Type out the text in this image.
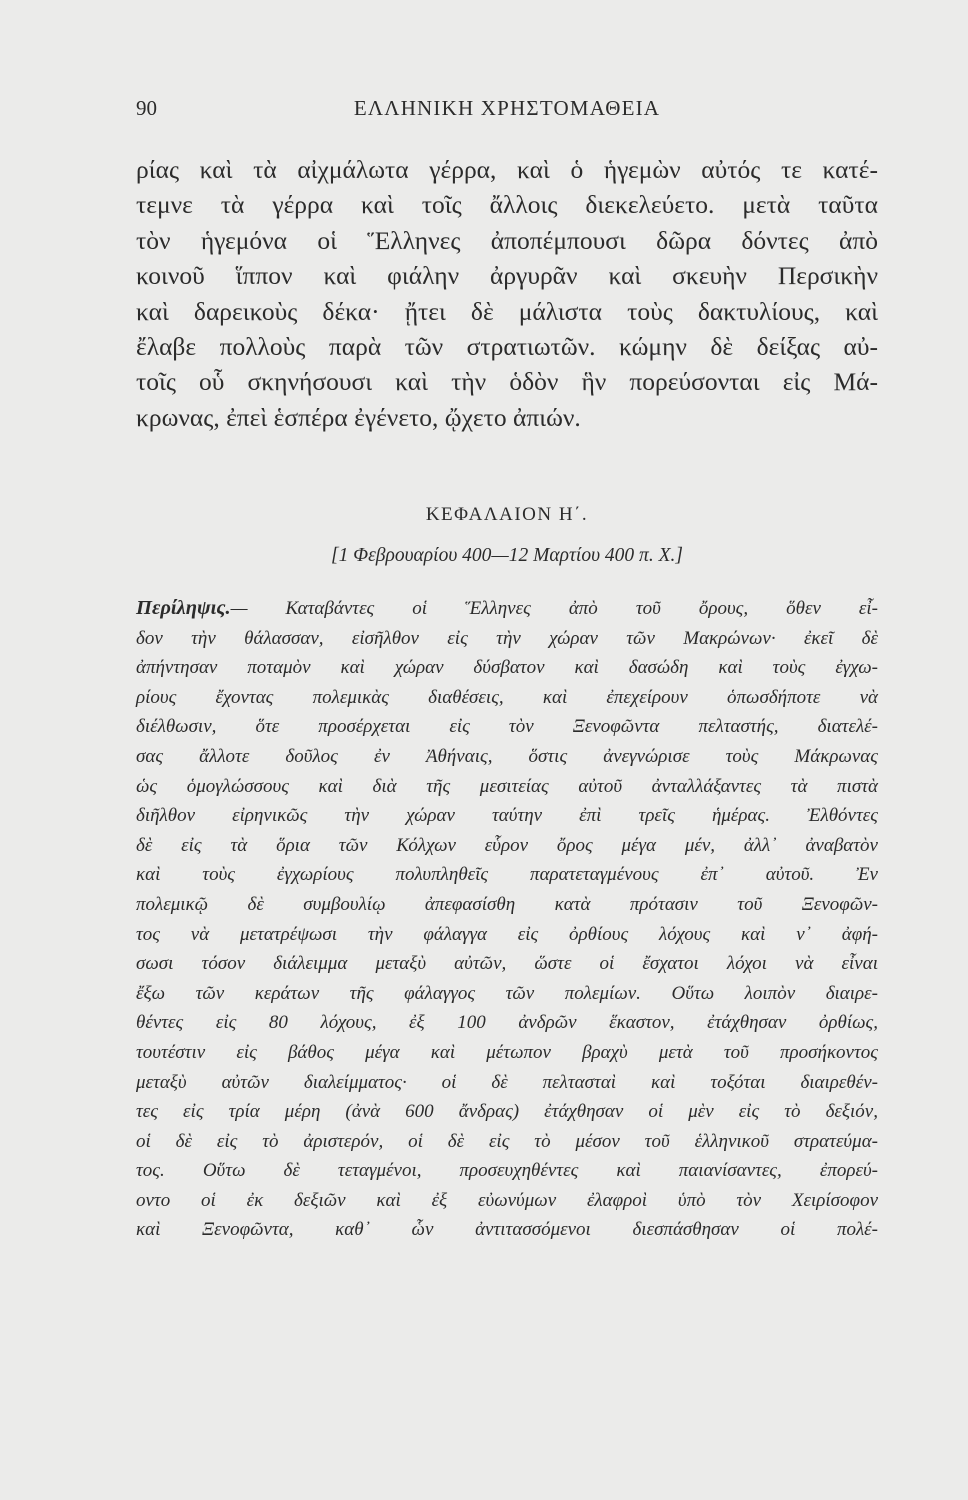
90	ΕΛΛΗΝΙΚΗ ΧΡΗΣΤΟΜΑΘΕΙΑ
ρίας καὶ τὰ αἰχμάλωτα γέρρα, καὶ ὁ ἡγεμὼν αὐτός τε κατέ-
τεμνε τὰ γέρρα καὶ τοῖς ἄλλοις διεκελεύετο. μετὰ ταῦτα
τὸν ἡγεμόνα οἱ Ἕλληνες ἀποπέμπουσι δῶρα δόντες ἀπὸ
κοινοῦ ἵππον καὶ φιάλην ἀργυρᾶν καὶ σκευὴν Περσικὴν
καὶ δαρεικοὺς δέκα· ᾔτει δὲ μάλιστα τοὺς δακτυλίους, καὶ
ἔλαβε πολλοὺς παρὰ τῶν στρατιωτῶν. κώμην δὲ δείξας αὐ-
τοῖς οὗ σκηνήσουσι καὶ τὴν ὁδὸν ἣν πορεύσονται εἰς Μά-
κρωνας, ἐπεὶ ἑσπέρα ἐγένετο, ᾤχετο ἀπιών.
ΚΕΦΑΛΑΙΟΝ Η΄.
[1 Φεβρουαρίου 400—12 Μαρτίου 400 π. Χ.]
Περίληψις.— Καταβάντες οἱ Ἕλληνες ἀπὸ τοῦ ὄρους, ὅθεν εἶ-
δον τὴν θάλασσαν, εἰσῆλθον εἰς τὴν χώραν τῶν Μακρώνων· ἐκεῖ δὲ
ἀπήντησαν ποταμὸν καὶ χώραν δύσβατον καὶ δασώδη καὶ τοὺς ἐγχω-
ρίους ἔχοντας πολεμικὰς διαθέσεις, καὶ ἐπεχείρουν ὁπωσδήποτε νὰ
διέλθωσιν, ὅτε προσέρχεται εἰς τὸν Ξενοφῶντα πελταστής, διατελέ-
σας ἄλλοτε δοῦλος ἐν Ἀθήναις, ὅστις ἀνεγνώρισε τοὺς Μάκρωνας
ὡς ὁμογλώσσους καὶ διὰ τῆς μεσιτείας αὐτοῦ ἀνταλλάξαντες τὰ πιστὰ
διῆλθον εἰρηνικῶς τὴν χώραν ταύτην ἐπὶ τρεῖς ἡμέρας. Ἐλθόντες
δὲ εἰς τὰ ὅρια τῶν Κόλχων εὗρον ὄρος μέγα μέν, ἀλλ᾽ ἀναβατὸν
καὶ τοὺς ἐγχωρίους πολυπληθεῖς παρατεταγμένους ἐπ᾽ αὐτοῦ. Ἐν
πολεμικῷ δὲ συμβουλίῳ ἀπεφασίσθη κατὰ πρότασιν τοῦ Ξενοφῶν-
τος νὰ μετατρέψωσι τὴν φάλαγγα εἰς ὀρθίους λόχους καὶ ν᾽ ἀφή-
σωσι τόσον διάλειμμα μεταξὺ αὐτῶν, ὥστε οἱ ἔσχατοι λόχοι νὰ εἶναι
ἔξω τῶν κεράτων τῆς φάλαγγος τῶν πολεμίων. Οὕτω λοιπὸν διαιρε-
θέντες εἰς 80 λόχους, ἐξ 100 ἀνδρῶν ἕκαστον, ἐτάχθησαν ὀρθίως,
τουτέστιν εἰς βάθος μέγα καὶ μέτωπον βραχὺ μετὰ τοῦ προσήκοντος
μεταξὺ αὐτῶν διαλείμματος· οἱ δὲ πελτασταὶ καὶ τοξόται διαιρεθέν-
τες εἰς τρία μέρη (ἀνὰ 600 ἄνδρας) ἐτάχθησαν οἱ μὲν εἰς τὸ δεξιόν,
οἱ δὲ εἰς τὸ ἀριστερόν, οἱ δὲ εἰς τὸ μέσον τοῦ ἑλληνικοῦ στρατεύμα-
τος. Οὕτω δὲ τεταγμένοι, προσευχηθέντες καὶ παιανίσαντες, ἐπορεύ-
οντο οἱ ἐκ δεξιῶν καὶ ἐξ εὐωνύμων ἐλαφροὶ ὑπὸ τὸν Χειρίσοφον
καὶ Ξενοφῶντα, καθ᾽ ὧν ἀντιτασσόμενοι διεσπάσθησαν οἱ πολέ-
